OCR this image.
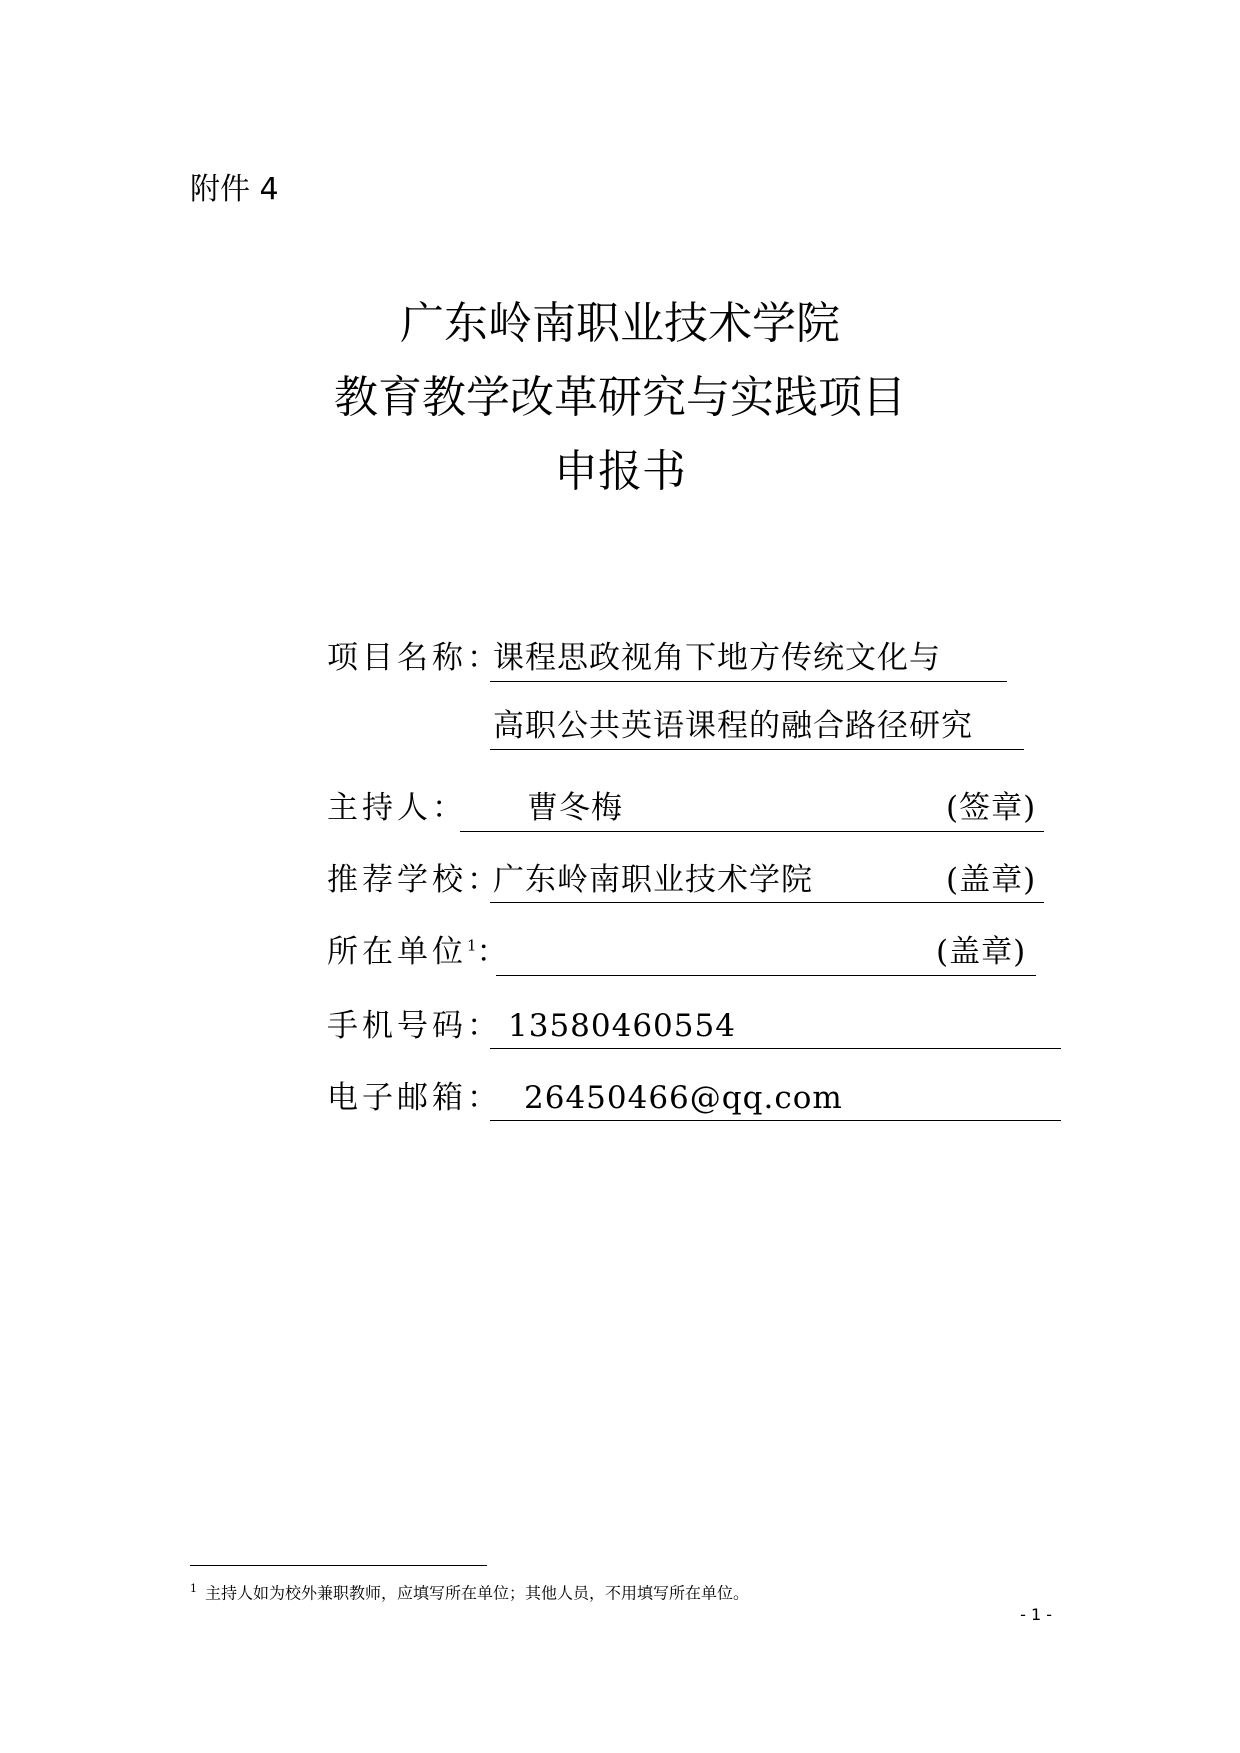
附件 4
广东岭南职业技术学院
教育教学改革研究与实践项目
申报书
项目名称：
课程思政视角下地方传统文化与
高职公共英语课程的融合路径研究
主持人： 曹冬梅	(签章)
推荐学校：
广东岭南职业技术学院	(盖章)
所在单位$^1$：	(盖章)
手机号码： 13580460554
电子邮箱： 26450466@qq.com
$^1$ 主持人如为校外兼职教师，应填写所在单位；其他人员，不用填写所在单位。
- 1 -
